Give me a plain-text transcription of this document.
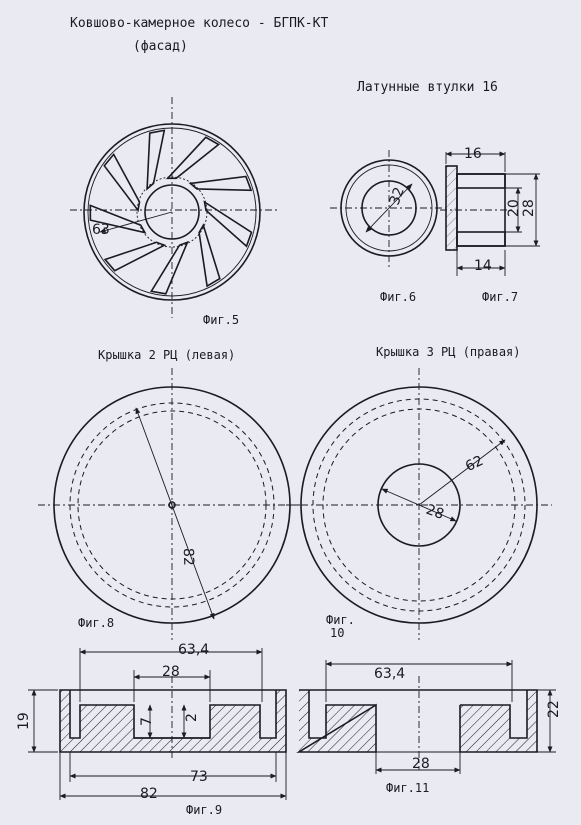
Ковшово-камерное колесо - БГПК-КТ
(фасад)
Латунные втулки 16
63
Фиг.5
32
Фиг.6
16
20 28
14
Фиг.7
Крышка 2 РЦ (левая)	Крышка 3 РЦ (правая)
82
Фиг.8
62
28
Фиг.
10
63,4
28
19	7 2
73
82
Фиг.9
63,4
22
28
Фиг.11
